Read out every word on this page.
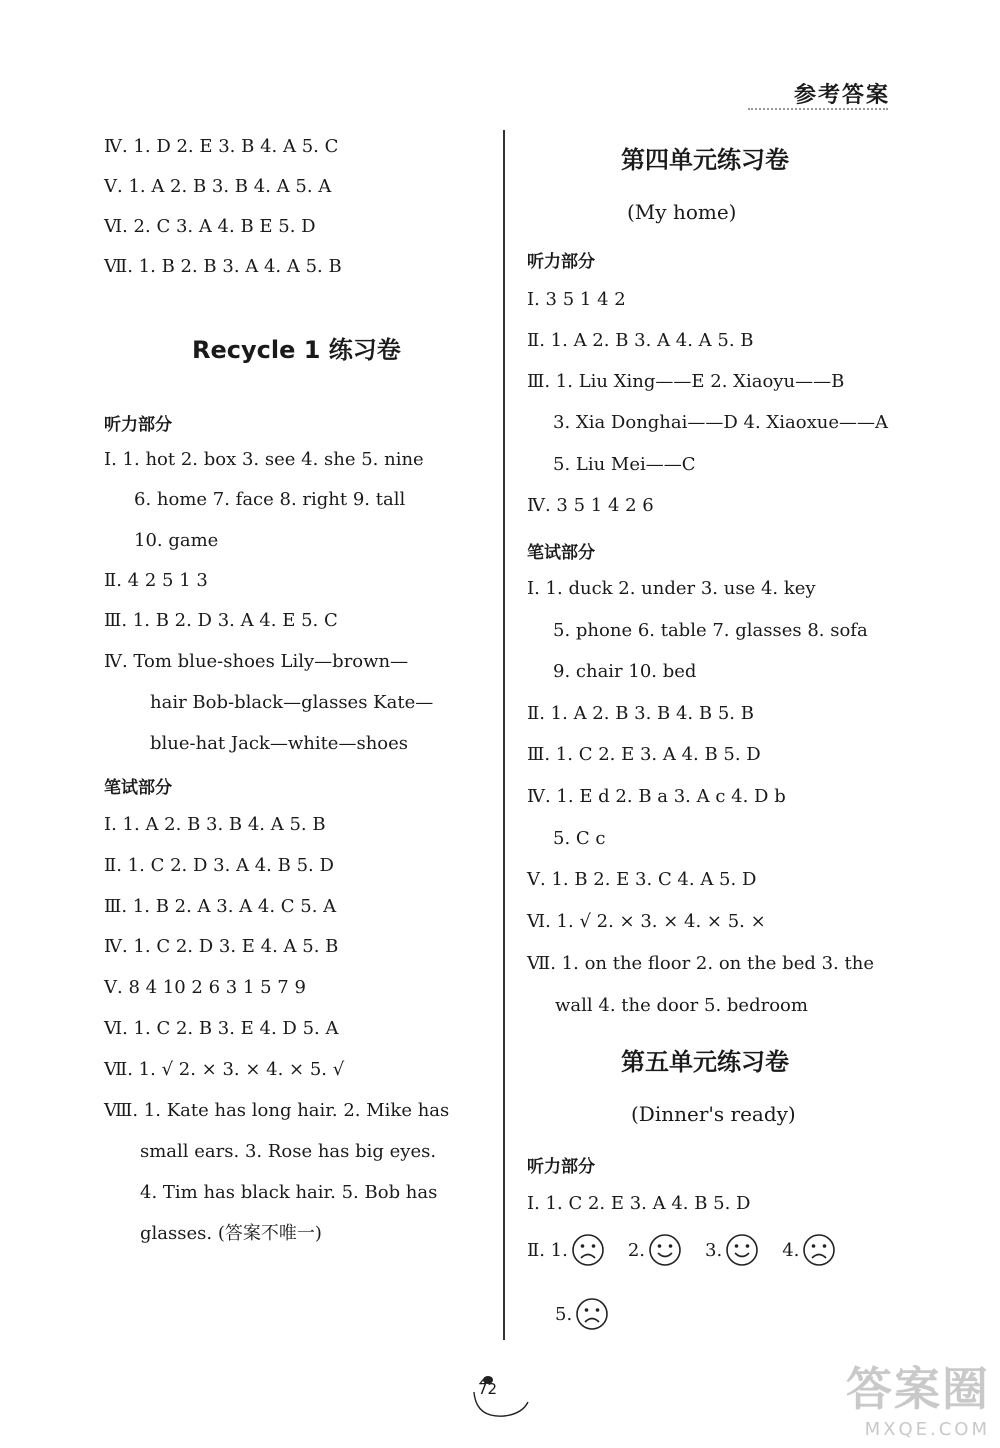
参考答案
Ⅳ. 1. D 2. E 3. B 4. A 5. C
Ⅴ. 1. A 2. B 3. B 4. A 5. A
Ⅵ. 2. C 3. A 4. B E 5. D
Ⅶ. 1. B 2. B 3. A 4. A 5. B
Recycle 1 练习卷
听力部分
Ⅰ. 1. hot 2. box 3. see 4. she 5. nine
6. home 7. face 8. right 9. tall
10. game
Ⅱ. 4 2 5 1 3
Ⅲ. 1. B 2. D 3. A 4. E 5. C
Ⅳ. Tom blue-shoes Lily—brown—
hair Bob-black—glasses Kate—
blue-hat Jack—white—shoes
笔试部分
Ⅰ. 1. A 2. B 3. B 4. A 5. B
Ⅱ. 1. C 2. D 3. A 4. B 5. D
Ⅲ. 1. B 2. A 3. A 4. C 5. A
Ⅳ. 1. C 2. D 3. E 4. A 5. B
Ⅴ. 8 4 10 2 6 3 1 5 7 9
Ⅵ. 1. C 2. B 3. E 4. D 5. A
Ⅶ. 1. √ 2. × 3. × 4. × 5. √
Ⅷ. 1. Kate has long hair. 2. Mike has
small ears. 3. Rose has big eyes.
4. Tim has black hair. 5. Bob has
glasses. (答案不唯一)
第四单元练习卷
(My home)
听力部分
Ⅰ. 3 5 1 4 2
Ⅱ. 1. A 2. B 3. A 4. A 5. B
Ⅲ. 1. Liu Xing——E 2. Xiaoyu——B
3. Xia Donghai——D 4. Xiaoxue——A
5. Liu Mei——C
Ⅳ. 3 5 1 4 2 6
笔试部分
Ⅰ. 1. duck 2. under 3. use 4. key
5. phone 6. table 7. glasses 8. sofa
9. chair 10. bed
Ⅱ. 1. A 2. B 3. B 4. B 5. B
Ⅲ. 1. C 2. E 3. A 4. B 5. D
Ⅳ. 1. E d 2. B a 3. A c 4. D b
5. C c
Ⅴ. 1. B 2. E 3. C 4. A 5. D
Ⅵ. 1. √ 2. × 3. × 4. × 5. ×
Ⅶ. 1. on the floor 2. on the bed 3. the
wall 4. the door 5. bedroom
第五单元练习卷
(Dinner's ready)
听力部分
Ⅰ. 1. C 2. E 3. A 4. B 5. D
Ⅱ. 1.	2.	3.	4.
5.
72	答案圈
MXQE.COM
